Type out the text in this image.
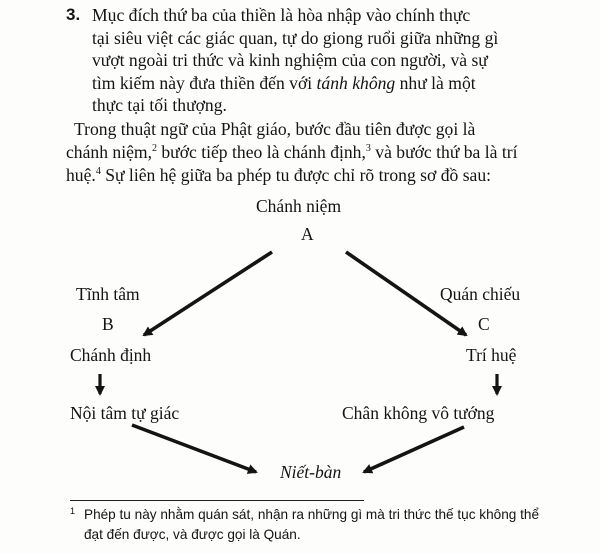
3. Mục đích thứ ba của thiền là hòa nhập vào chính thực
tại siêu việt các giác quan, tự do giong ruổi giữa những gì
vượt ngoài tri thức và kinh nghiệm của con người, và sự
tìm kiếm này đưa thiền đến với tánh không như là một
thực tại tối thượng.
Trong thuật ngữ của Phật giáo, bước đầu tiên được gọi là
chánh niệm,$^2$ bước tiếp theo là chánh định,$^3$ và bước thứ ba là trí
huệ.$^4$ Sự liên hệ giữa ba phép tu được chỉ rõ trong sơ đồ sau:
Chánh niệm
A
Tĩnh tâm
B
Chánh định
Nội tâm tự giác
Quán chiếu
C
Trí huệ
Chân không vô tướng
Niết-bàn
1 Phép tu này nhằm quán sát, nhận ra những gì mà tri thức thế tục không thể
đạt đến được, và được gọi là Quán.
